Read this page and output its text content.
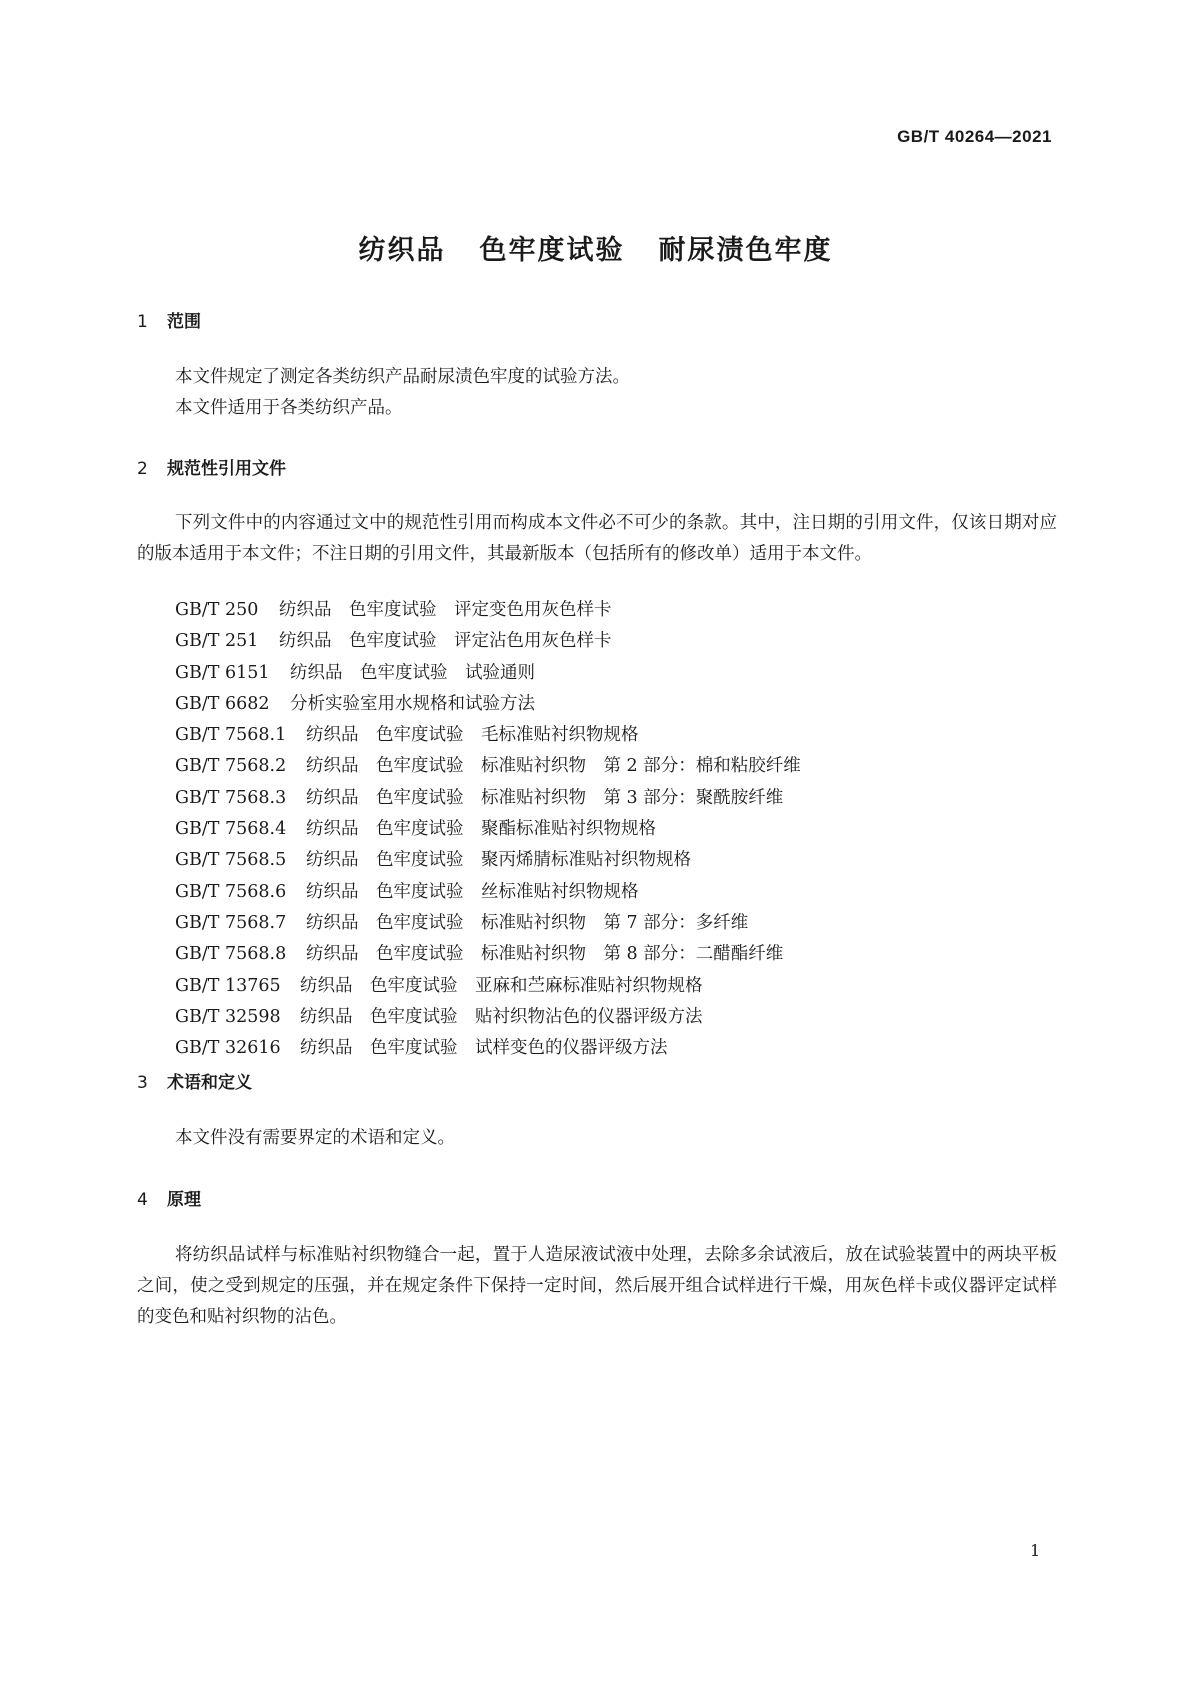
GB/T 40264—2021
纺织品 色牢度试验 耐尿渍色牢度
1 范围

本文件规定了测定各类纺织产品耐尿渍色牢度的试验方法。

本文件适用于各类纺织产品。

2 规范性引用文件

下列文件中的内容通过文中的规范性引用而构成本文件必不可少的条款。其中，注日期的引用文件，仅该日期对应的版本适用于本文件；不注日期的引用文件，其最新版本（包括所有的修改单）适用于本文件。

GB/T 250 纺织品　色牢度试验　评定变色用灰色样卡
GB/T 251 纺织品　色牢度试验　评定沾色用灰色样卡
GB/T 6151 纺织品　色牢度试验　试验通则
GB/T 6682 分析实验室用水规格和试验方法
GB/T 7568.1 纺织品　色牢度试验　毛标准贴衬织物规格
GB/T 7568.2 纺织品　色牢度试验　标准贴衬织物　第 2 部分：棉和粘胶纤维
GB/T 7568.3 纺织品　色牢度试验　标准贴衬织物　第 3 部分：聚酰胺纤维
GB/T 7568.4 纺织品　色牢度试验　聚酯标准贴衬织物规格
GB/T 7568.5 纺织品　色牢度试验　聚丙烯腈标准贴衬织物规格
GB/T 7568.6 纺织品　色牢度试验　丝标准贴衬织物规格
GB/T 7568.7 纺织品　色牢度试验　标准贴衬织物　第 7 部分：多纤维
GB/T 7568.8 纺织品　色牢度试验　标准贴衬织物　第 8 部分：二醋酯纤维
GB/T 13765 纺织品　色牢度试验　亚麻和苎麻标准贴衬织物规格
GB/T 32598 纺织品　色牢度试验　贴衬织物沾色的仪器评级方法
GB/T 32616 纺织品　色牢度试验　试样变色的仪器评级方法
3 术语和定义

本文件没有需要界定的术语和定义。

4 原理

将纺织品试样与标准贴衬织物缝合一起，置于人造尿液试液中处理，去除多余试液后，放在试验装置中的两块平板之间，使之受到规定的压强，并在规定条件下保持一定时间，然后展开组合试样进行干燥，用灰色样卡或仪器评定试样的变色和贴衬织物的沾色。

1
